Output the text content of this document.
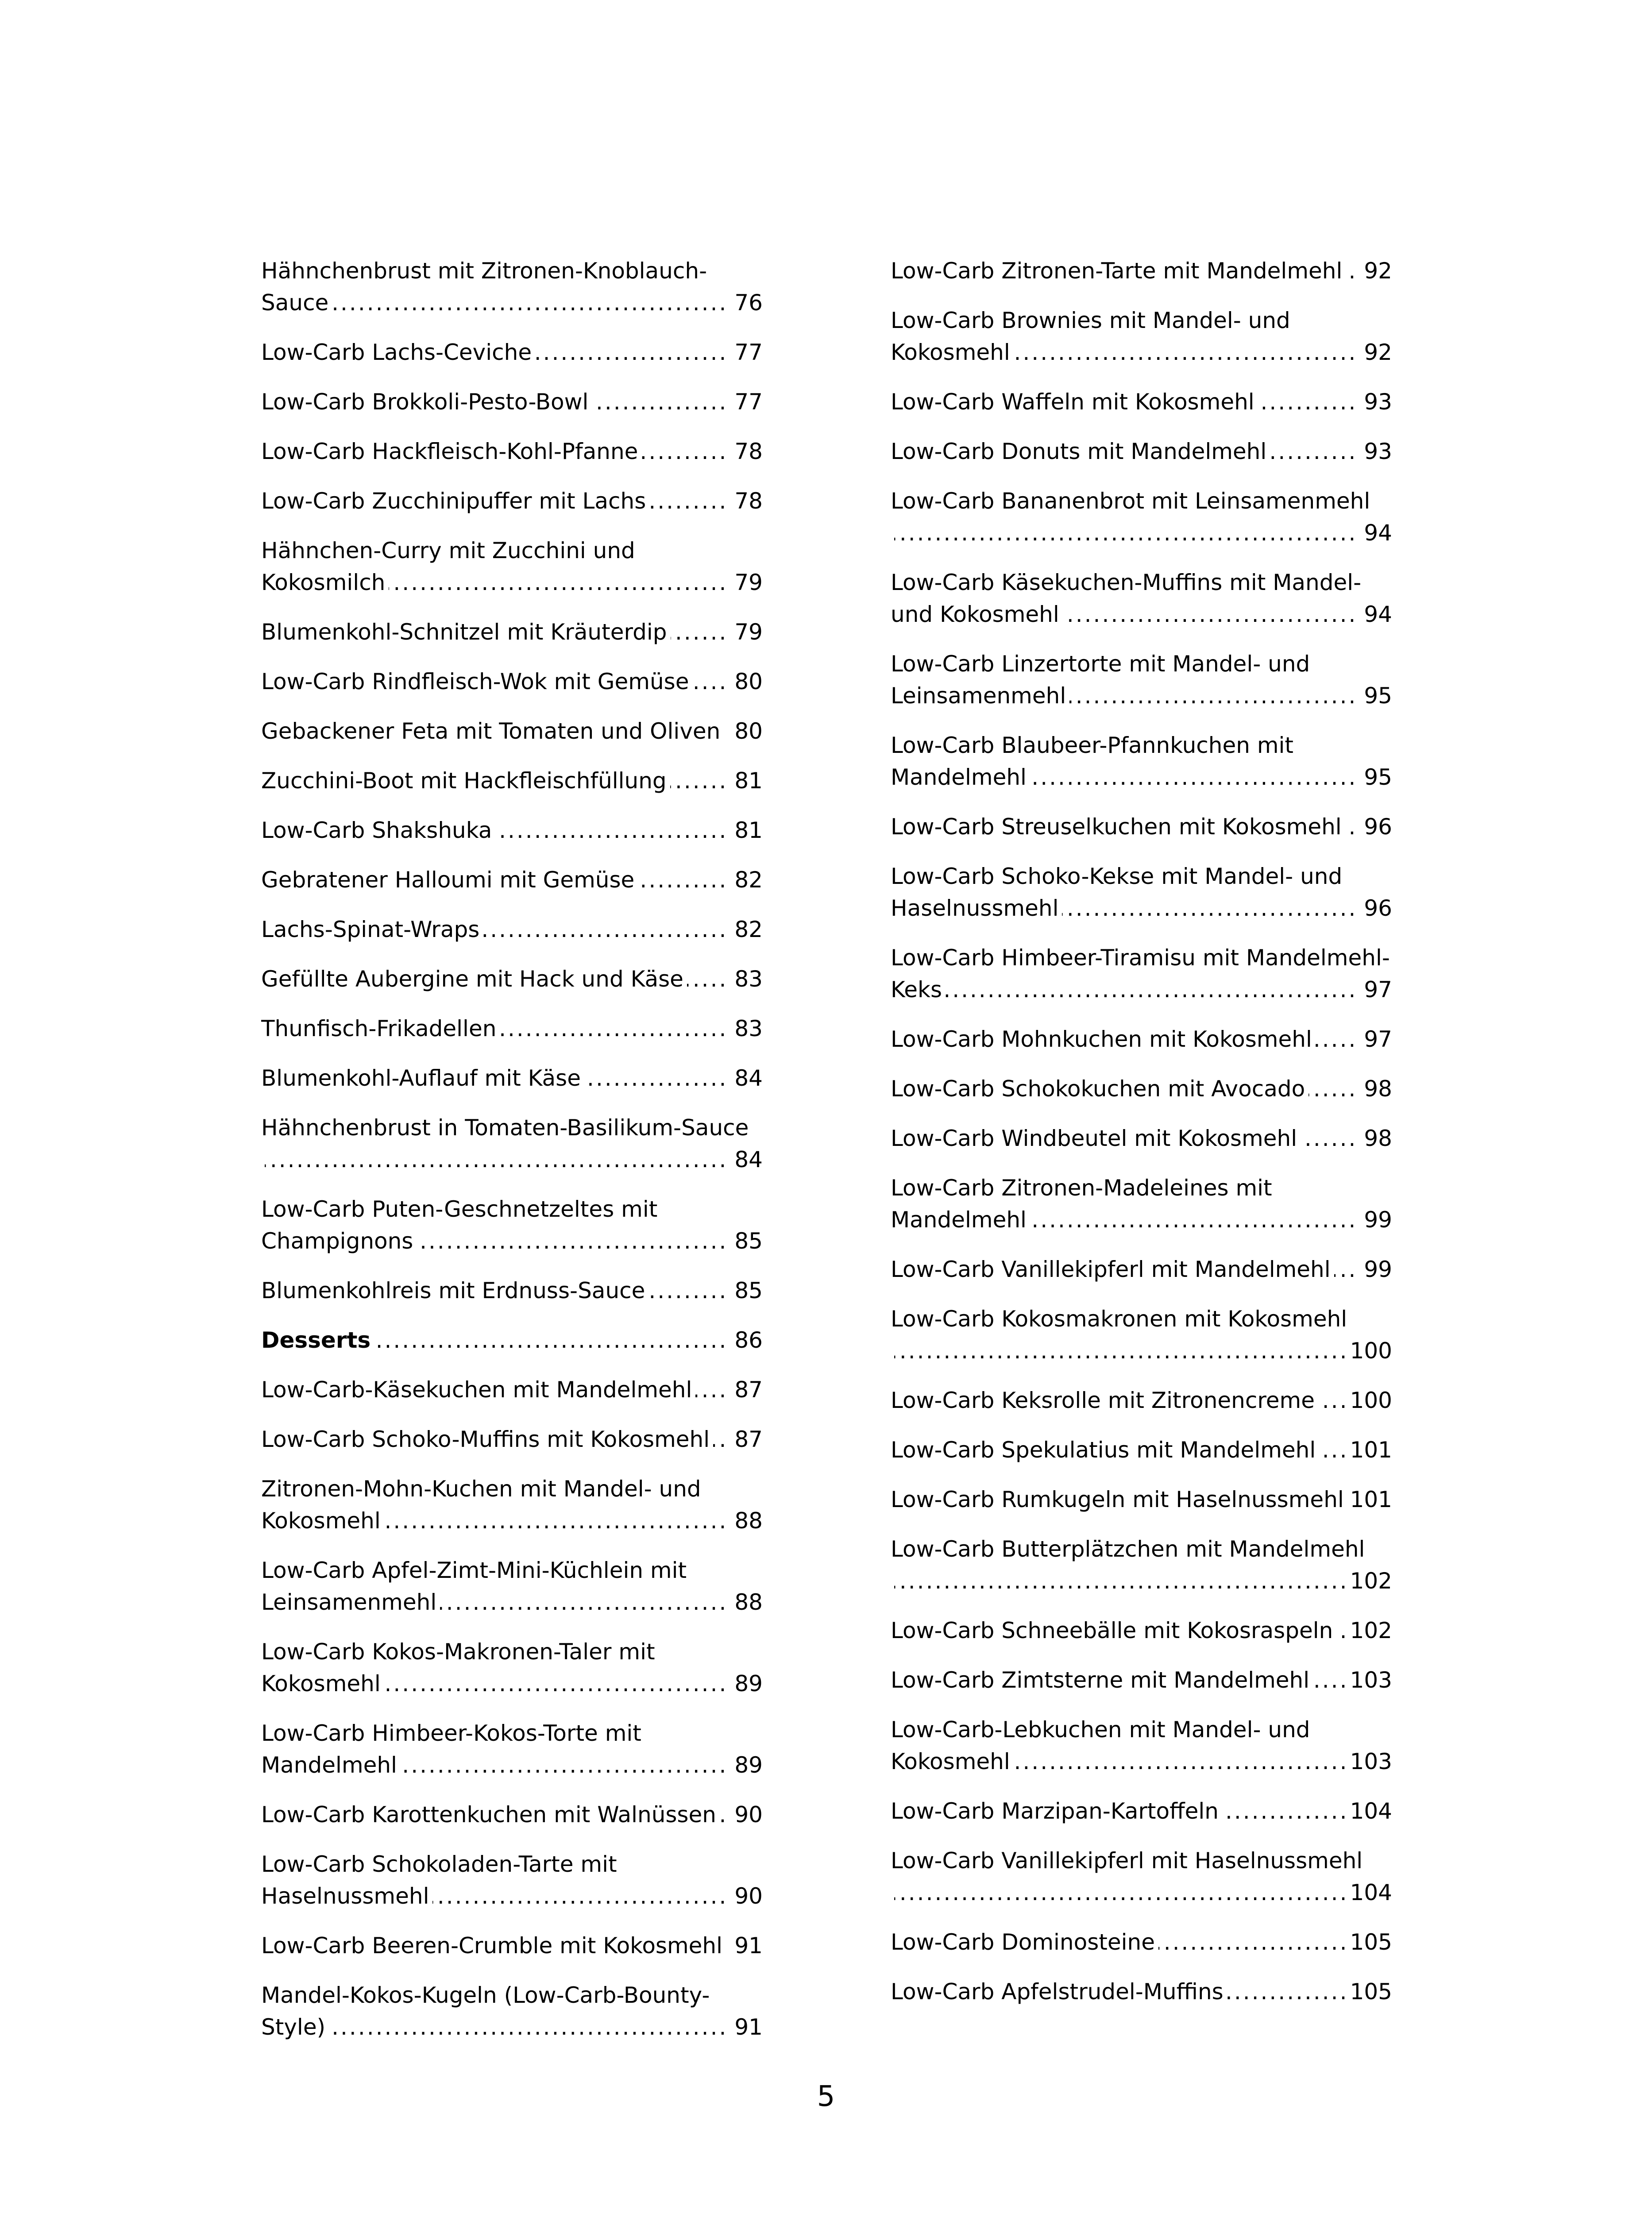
Hähnchenbrust mit Zitronen-Knoblauch-
76
Sauce .....
77
Low-Carb Lachs-Ceviche .....
77
Low-Carb Brokkoli-Pesto-Bowl .....
78
Low-Carb Hackfleisch-Kohl-Pfanne .....
78
Low-Carb Zucchinipuffer mit Lachs .....
Hähnchen-Curry mit Zucchini und
79
Kokosmilch .....
79
Blumenkohl-Schnitzel mit Kräuterdip .....
80
Low-Carb Rindfleisch-Wok mit Gemüse .....
80
Gebackener Feta mit Tomaten und Oliven .....
81
Zucchini-Boot mit Hackfleischfüllung .....
81
Low-Carb Shakshuka .....
82
Gebratener Halloumi mit Gemüse .....
82
Lachs-Spinat-Wraps .....
83
Gefüllte Aubergine mit Hack und Käse .....
83
Thunfisch-Frikadellen .....
84
Blumenkohl-Auflauf mit Käse .....
Hähnchenbrust in Tomaten-Basilikum-Sauce
84
.....
Low-Carb Puten-Geschnetzeltes mit
85
Champignons .....
85
Blumenkohlreis mit Erdnuss-Sauce .....
86
Desserts .....
87
Low-Carb-Käsekuchen mit Mandelmehl .....
87
Low-Carb Schoko-Muffins mit Kokosmehl .....
Zitronen-Mohn-Kuchen mit Mandel- und
88
Kokosmehl .....
Low-Carb Apfel-Zimt-Mini-Küchlein mit
88
Leinsamenmehl .....
Low-Carb Kokos-Makronen-Taler mit
89
Kokosmehl .....
Low-Carb Himbeer-Kokos-Torte mit
89
Mandelmehl .....
90
Low-Carb Karottenkuchen mit Walnüssen .....
Low-Carb Schokoladen-Tarte mit
90
Haselnussmehl .....
91
Low-Carb Beeren-Crumble mit Kokosmehl .....
Mandel-Kokos-Kugeln (Low-Carb-Bounty-
91
Style) .....
92
Low-Carb Zitronen-Tarte mit Mandelmehl .....
Low-Carb Brownies mit Mandel- und
92
Kokosmehl .....
93
Low-Carb Waffeln mit Kokosmehl .....
93
Low-Carb Donuts mit Mandelmehl .....
Low-Carb Bananenbrot mit Leinsamenmehl
94
.....
Low-Carb Käsekuchen-Muffins mit Mandel-
94
und Kokosmehl .....
Low-Carb Linzertorte mit Mandel- und
95
Leinsamenmehl .....
Low-Carb Blaubeer-Pfannkuchen mit
95
Mandelmehl .....
96
Low-Carb Streuselkuchen mit Kokosmehl .....
Low-Carb Schoko-Kekse mit Mandel- und
96
Haselnussmehl .....
Low-Carb Himbeer-Tiramisu mit Mandelmehl-
97
Keks .....
97
Low-Carb Mohnkuchen mit Kokosmehl .....
98
Low-Carb Schokokuchen mit Avocado .....
98
Low-Carb Windbeutel mit Kokosmehl .....
Low-Carb Zitronen-Madeleines mit
99
Mandelmehl .....
99
Low-Carb Vanillekipferl mit Mandelmehl .....
Low-Carb Kokosmakronen mit Kokosmehl
100
.....
100
Low-Carb Keksrolle mit Zitronencreme .....
101
Low-Carb Spekulatius mit Mandelmehl .....
101
Low-Carb Rumkugeln mit Haselnussmehl .....
Low-Carb Butterplätzchen mit Mandelmehl
102
.....
102
Low-Carb Schneebälle mit Kokosraspeln .....
103
Low-Carb Zimtsterne mit Mandelmehl .....
Low-Carb-Lebkuchen mit Mandel- und
103
Kokosmehl .....
104
Low-Carb Marzipan-Kartoffeln .....
Low-Carb Vanillekipferl mit Haselnussmehl
104
.....
105
Low-Carb Dominosteine .....
105
Low-Carb Apfelstrudel-Muffins .....
5
